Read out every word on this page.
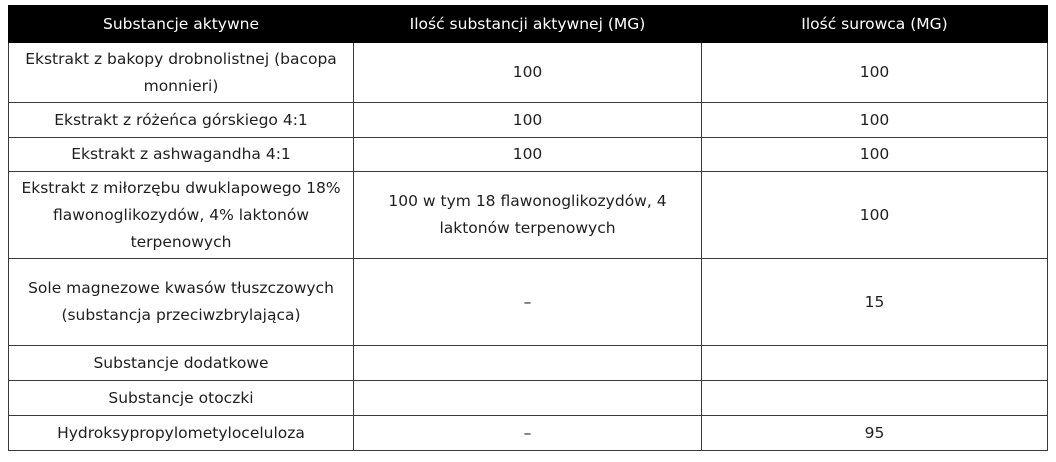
Substancje aktywne	Ilość substancji aktywnej (MG)	Ilość surowca (MG)
Ekstrakt z bakopy drobnolistnej (bacopa monnieri)	100	100
Ekstrakt z różeńca górskiego 4:1	100	100
Ekstrakt z ashwagandha 4:1	100	100
Ekstrakt z miłorzębu dwuklapowego 18% flawonoglikozydów, 4% laktonów terpenowych	100 w tym 18 flawonoglikozydów, 4 laktonów terpenowych	100
Sole magnezowe kwasów tłuszczowych (substancja przeciwzbrylająca)	–	15
Substancje dodatkowe		
Substancje otoczki		
Hydroksypropylometyloceluloza	–	95
